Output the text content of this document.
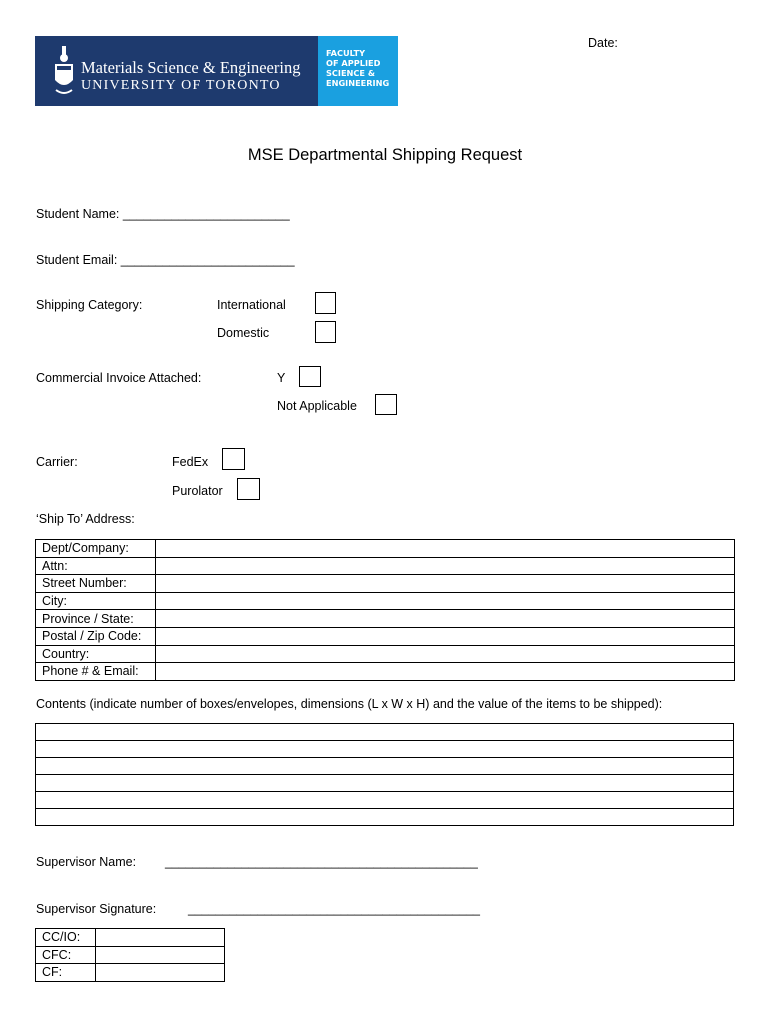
Materials Science & Engineering
UNIVERSITY OF TORONTO
FACULTY
OF APPLIED
SCIENCE &
ENGINEERING
Date:
MSE Departmental Shipping Request
Student Name: ________________________
Student Email: _________________________
Shipping Category:	International
Domestic
Commercial Invoice Attached:	Y
Not Applicable
Carrier:	FedEx
Purolator
‘Ship To’ Address:
Dept/Company:	
Attn:	
Street Number:	
City:	
Province / State:	
Postal / Zip Code:	
Country:	
Phone # & Email:	
Contents (indicate number of boxes/envelopes, dimensions (L x W x H) and the value of the items to be shipped):
Supervisor Name: _____________________________________________
Supervisor Signature:	__________________________________________
CC/IO:	
CFC:	
CF:	
